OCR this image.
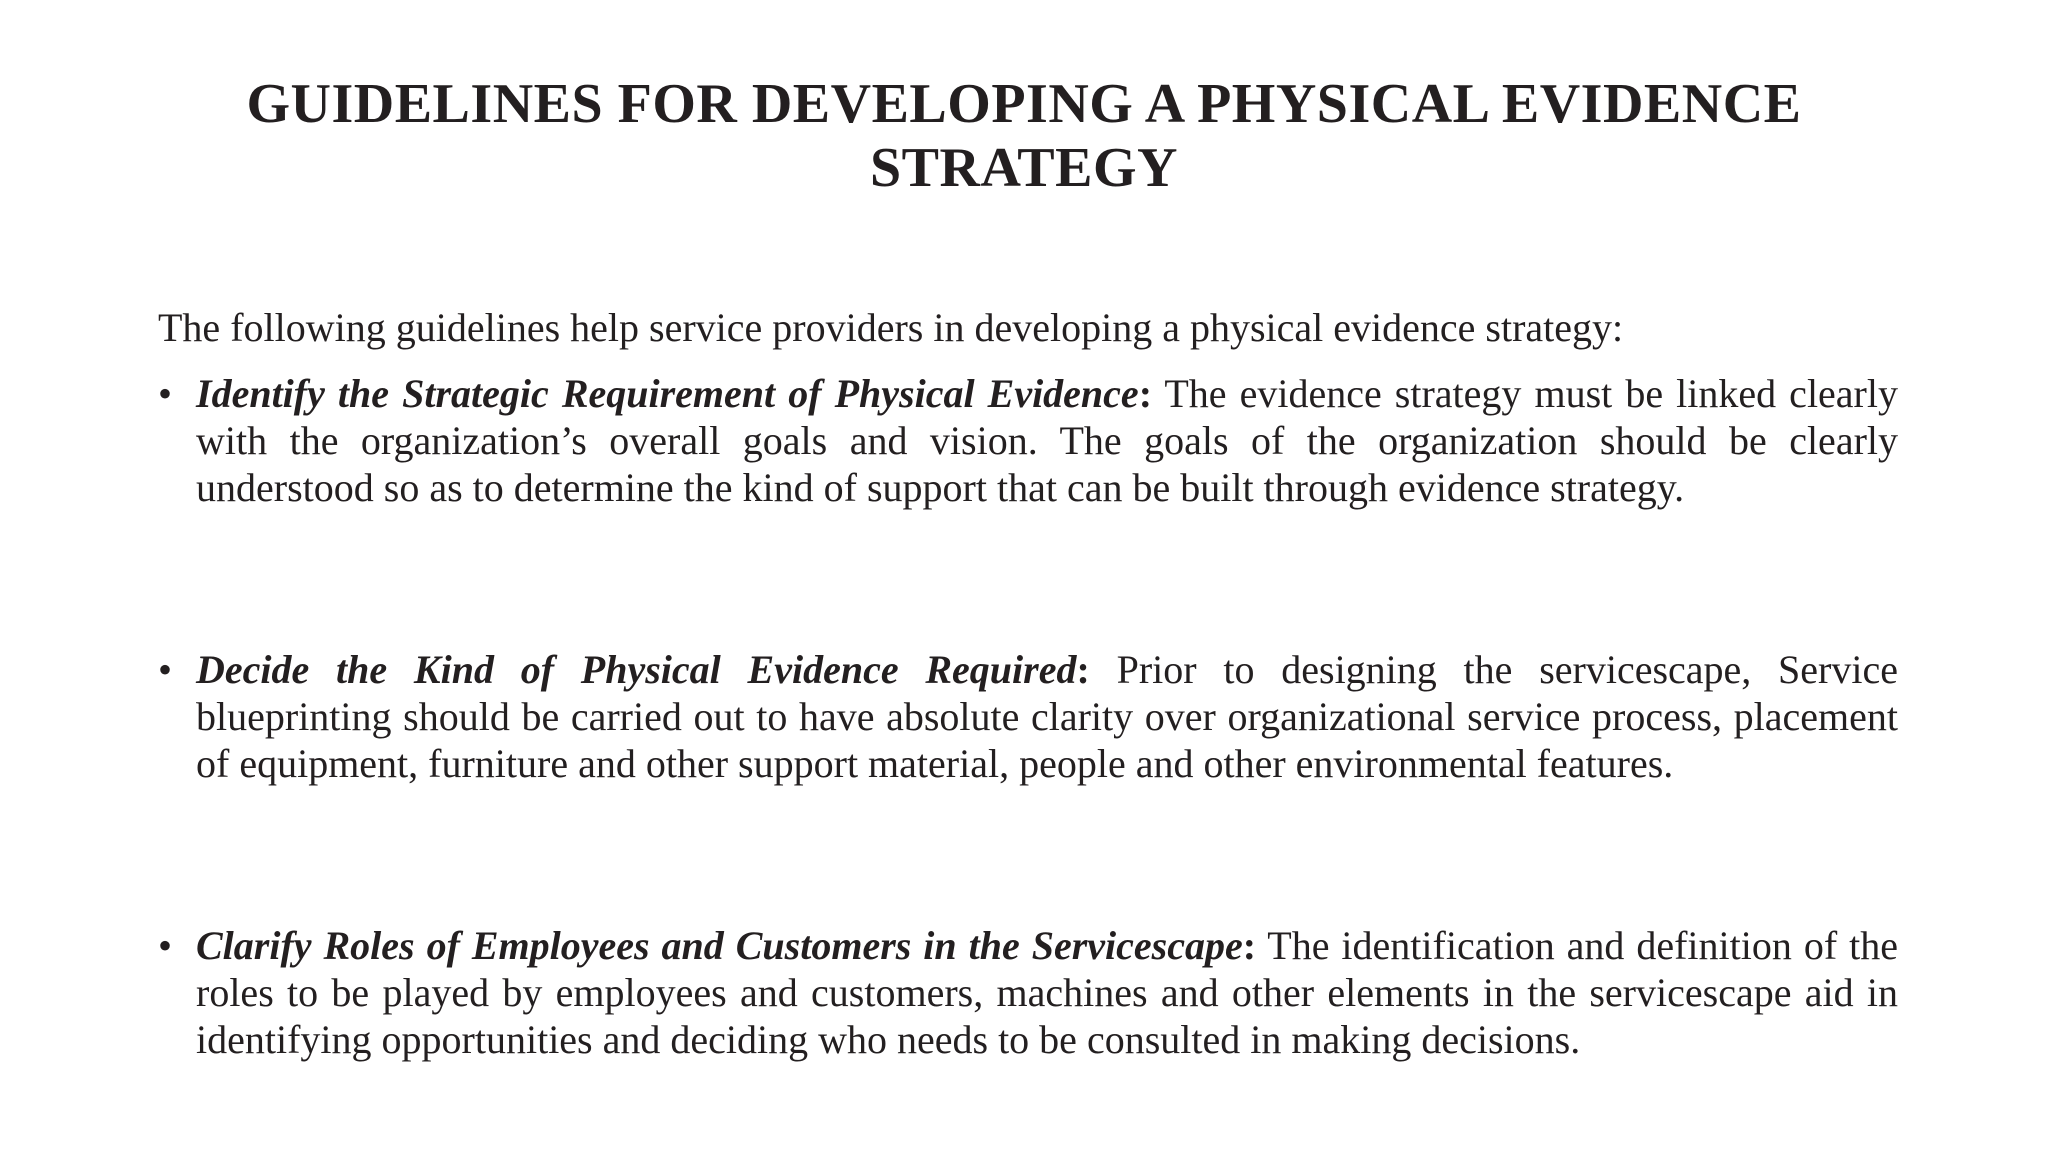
GUIDELINES FOR DEVELOPING A PHYSICAL EVIDENCE STRATEGY

The following guidelines help service providers in developing a physical evidence strategy:

• Identify the Strategic Requirement of Physical Evidence: The evidence strategy must be linked clearly with the organization’s overall goals and vision. The goals of the organization should be clearly understood so as to determine the kind of support that can be built through evidence strategy.
• Decide the Kind of Physical Evidence Required: Prior to designing the servicescape, Service blueprinting should be carried out to have absolute clarity over organizational service process, placement of equipment, furniture and other support material, people and other environmental features.
• Clarify Roles of Employees and Customers in the Servicescape: The identification and definition of the roles to be played by employees and customers, machines and other elements in the servicescape aid in identifying opportunities and deciding who needs to be consulted in making decisions.
